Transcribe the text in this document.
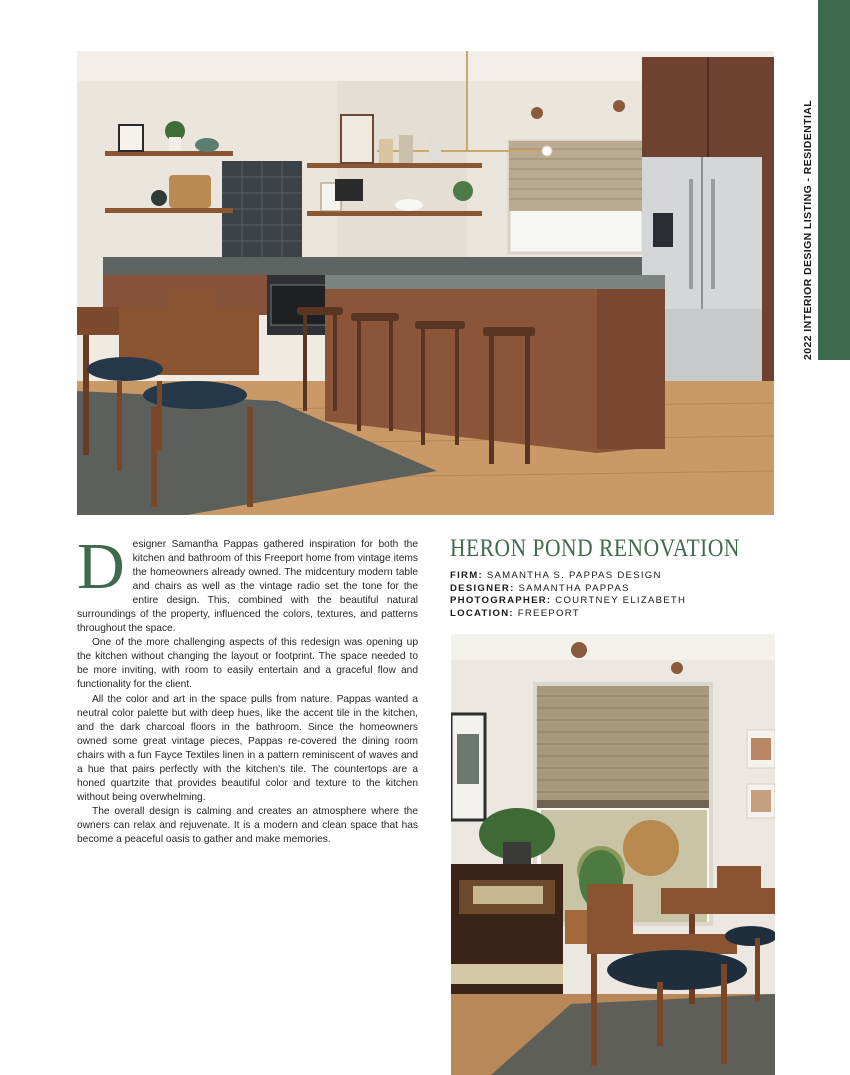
2022 INTERIOR DESIGN LISTING - RESIDENTIAL

Designer Samantha Pappas gathered inspiration for both the kitchen and bathroom of this Freeport home from vintage items the homeowners already owned. The midcentury modern table and chairs as well as the vintage radio set the tone for the entire design. This, combined with the beautiful natural surroundings of the property, influenced the colors, textures, and patterns throughout the space.

One of the more challenging aspects of this redesign was opening up the kitchen without changing the layout or footprint. The space needed to be more inviting, with room to easily entertain and a graceful flow and functionality for the client.

All the color and art in the space pulls from nature. Pappas wanted a neutral color palette but with deep hues, like the accent tile in the kitchen, and the dark charcoal floors in the bathroom. Since the homeowners owned some great vintage pieces, Pappas re-covered the dining room chairs with a fun Fayce Textiles linen in a pattern reminiscent of waves and a hue that pairs perfectly with the kitchen's tile. The countertops are a honed quartzite that provides beautiful color and texture to the kitchen without being overwhelming.

The overall design is calming and creates an atmosphere where the owners can relax and rejuvenate. It is a modern and clean space that has become a peaceful oasis to gather and make memories.

HERON POND RENOVATION
FIRM: SAMANTHA S. PAPPAS DESIGN
DESIGNER: SAMANTHA PAPPAS
PHOTOGRAPHER: COURTNEY ELIZABETH
LOCATION: FREEPORT
